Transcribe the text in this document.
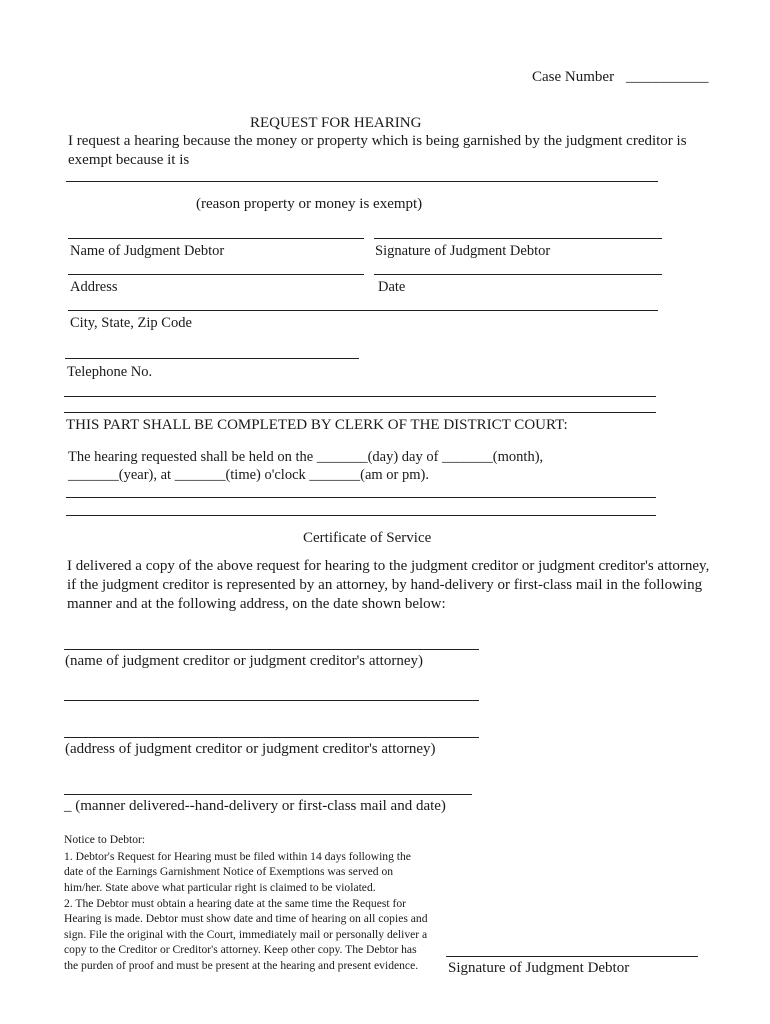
Case Number ___________
REQUEST FOR HEARING
I request a hearing because the money or property which is being garnished by the judgment creditor is exempt because it is
(reason property or money is exempt)
Name of Judgment Debtor	Signature of Judgment Debtor
Address	Date
City, State, Zip Code
Telephone No.
THIS PART SHALL BE COMPLETED BY CLERK OF THE DISTRICT COURT:
The hearing requested shall be held on the _______(day) day of _______(month),
_______(year), at _______(time) o'clock _______(am or pm).
Certificate of Service
I delivered a copy of the above request for hearing to the judgment creditor or judgment creditor's attorney, if the judgment creditor is represented by an attorney, by hand-delivery or first-class mail in the following manner and at the following address, on the date shown below:
(name of judgment creditor or judgment creditor's attorney)
(address of judgment creditor or judgment creditor's attorney)
_ (manner delivered--hand-delivery or first-class mail and date)
Notice to Debtor:
1. Debtor's Request for Hearing must be filed within 14 days following the date of the Earnings Garnishment Notice of Exemptions was served on him/her. State above what particular right is claimed to be violated.
2. The Debtor must obtain a hearing date at the same time the Request for Hearing is made. Debtor must show date and time of hearing on all copies and sign. File the original with the Court, immediately mail or personally deliver a copy to the Creditor or Creditor's attorney. Keep other copy. The Debtor has the purden of proof and must be present at the hearing and present evidence.	Signature of Judgment Debtor
